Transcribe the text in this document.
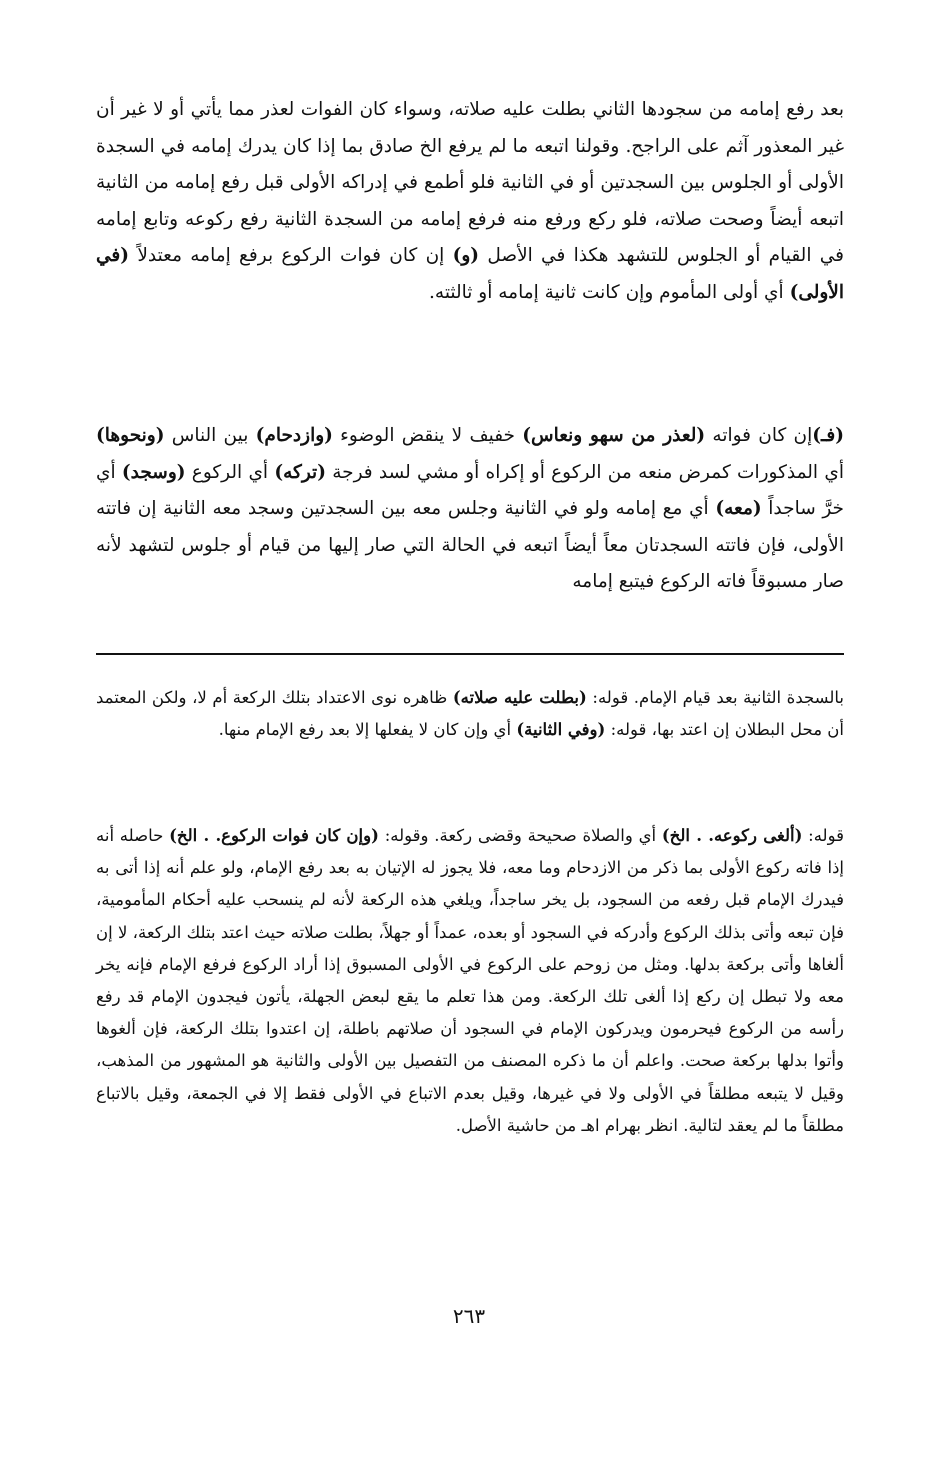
بعد رفع إمامه من سجودها الثاني بطلت عليه صلاته، وسواء كان الفوات لعذر مما يأتي أو لا غير أن غير المعذور آثم على الراجح. وقولنا اتبعه ما لم يرفع الخ صادق بما إذا كان يدرك إمامه في السجدة الأولى أو الجلوس بين السجدتين أو في الثانية فلو أطمع في إدراكه الأولى قبل رفع إمامه من الثانية اتبعه أيضاً وصحت صلاته، فلو ركع ورفع منه فرفع إمامه من السجدة الثانية رفع ركوعه وتابع إمامه في القيام أو الجلوس للتشهد هكذا في الأصل (و) إن كان فوات الركوع برفع إمامه معتدلاً (في الأولى) أي أولى المأموم وإن كانت ثانية إمامه أو ثالثته.

(فـ)إن كان فواته (لعذر من سهو ونعاس) خفيف لا ينقض الوضوء (وازدحام) بين الناس (ونحوها) أي المذكورات كمرض منعه من الركوع أو إكراه أو مشي لسد فرجة (تركه) أي الركوع (وسجد) أي خرَّ ساجداً (معه) أي مع إمامه ولو في الثانية وجلس معه بين السجدتين وسجد معه الثانية إن فاتته الأولى، فإن فاتته السجدتان معاً أيضاً اتبعه في الحالة التي صار إليها من قيام أو جلوس لتشهد لأنه صار مسبوقاً فاته الركوع فيتبع إمامه

بالسجدة الثانية بعد قيام الإمام. قوله: (بطلت عليه صلاته) ظاهره نوى الاعتداد بتلك الركعة أم لا، ولكن المعتمد أن محل البطلان إن اعتد بها، قوله: (وفي الثانية) أي وإن كان لا يفعلها إلا بعد رفع الإمام منها.

قوله: (ألغى ركوعه. . الخ) أي والصلاة صحيحة وقضى ركعة. وقوله: (وإن كان فوات الركوع. . الخ) حاصله أنه إذا فاته ركوع الأولى بما ذكر من الازدحام وما معه، فلا يجوز له الإتيان به بعد رفع الإمام، ولو علم أنه إذا أتى به فيدرك الإمام قبل رفعه من السجود، بل يخر ساجداً، ويلغي هذه الركعة لأنه لم ينسحب عليه أحكام المأمومية، فإن تبعه وأتى بذلك الركوع وأدركه في السجود أو بعده، عمداً أو جهلاً، بطلت صلاته حيث اعتد بتلك الركعة، لا إن ألغاها وأتى بركعة بدلها. ومثل من زوحم على الركوع في الأولى المسبوق إذا أراد الركوع فرفع الإمام فإنه يخر معه ولا تبطل إن ركع إذا ألغى تلك الركعة. ومن هذا تعلم ما يقع لبعض الجهلة، يأتون فيجدون الإمام قد رفع رأسه من الركوع فيحرمون ويدركون الإمام في السجود أن صلاتهم باطلة، إن اعتدوا بتلك الركعة، فإن ألغوها وأتوا بدلها بركعة صحت. واعلم أن ما ذكره المصنف من التفصيل بين الأولى والثانية هو المشهور من المذهب، وقيل لا يتبعه مطلقاً في الأولى ولا في غيرها، وقيل بعدم الاتباع في الأولى فقط إلا في الجمعة، وقيل بالاتباع مطلقاً ما لم يعقد لتالية. انظر بهرام اهـ من حاشية الأصل.

٢٦٣
